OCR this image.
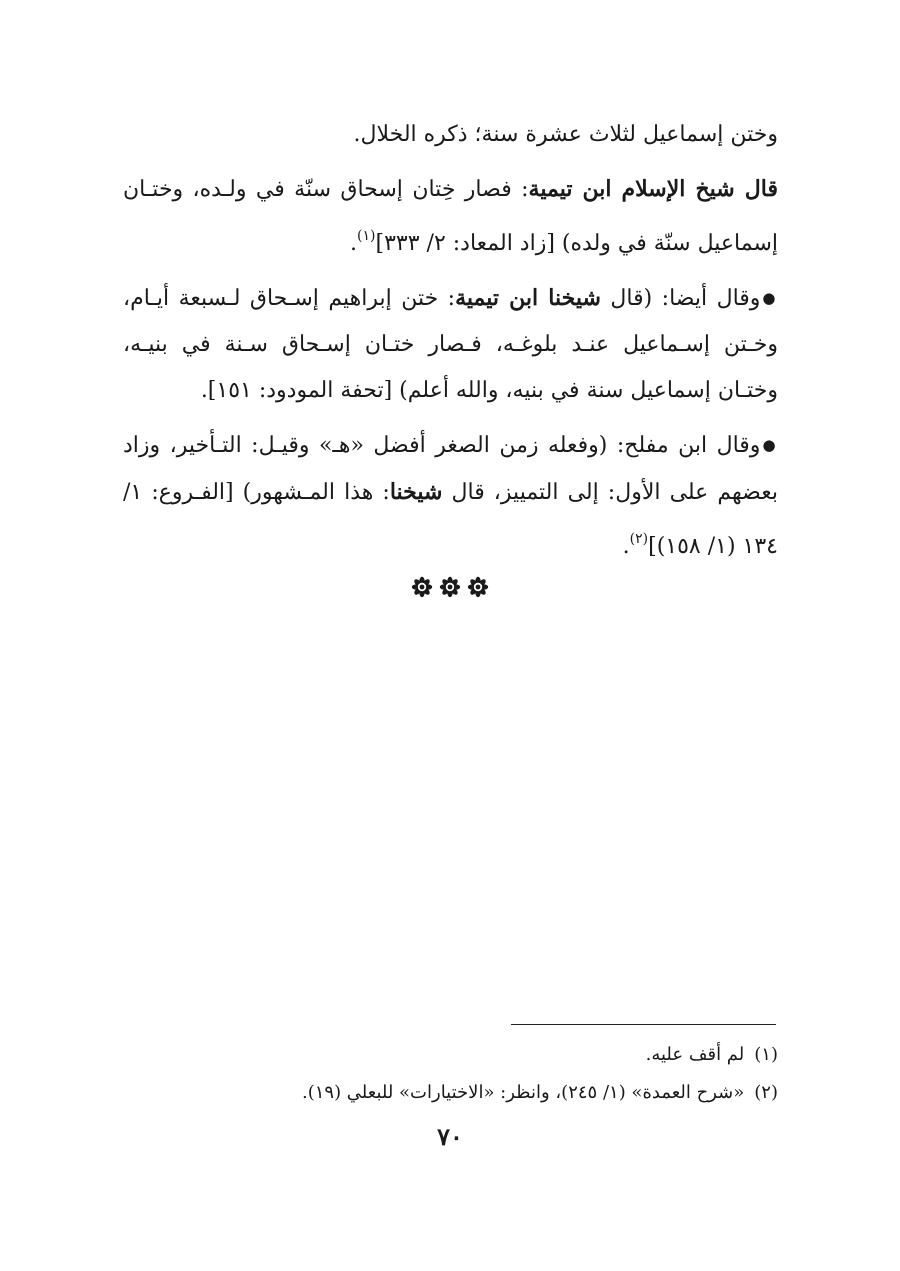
وختن إسماعيل لثلاث عشرة سنة؛ ذكره الخلال.

قال شيخ الإسلام ابن تيمية: فصار خِتان إسحاق سنّة في ولـده، وختـان إسماعيل سنّة في ولده) [زاد المعاد: ٢/ ٣٣٣]$^{(١)}$.

●وقال أيضا: (قال شيخنا ابن تيمية: ختن إبراهيم إسـحاق لـسبعة أيـام، وخـتن إسـماعيل عنـد بلوغـه، فـصار ختـان إسـحاق سـنة في بنيـه، وختـان إسماعيل سنة في بنيه، والله أعلم) [تحفة المودود: ١٥١].

●وقال ابن مفلح: (وفعله زمن الصغر أفضل «هـ» وقيـل: التـأخير، وزاد بعضهم على الأول: إلى التمييز، قال شيخنا: هذا المـشهور) [الفـروع: ١/ ١٣٤ (١/ ١٥٨)]$^{(٢)}$.

(١)لم أقف عليه.
(٢)«شرح العمدة» (١/ ٢٤٥)، وانظر: «الاختيارات» للبعلي (١٩).
٧٠
